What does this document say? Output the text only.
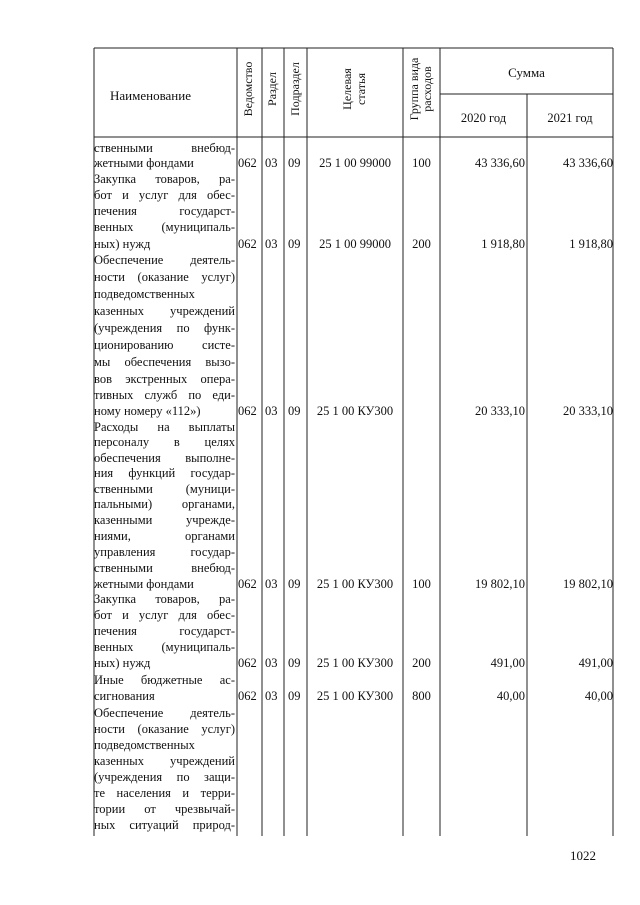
Наименование	Ведомство Раздел Подраздел	Целевая статья	Группа вида расходов	Сумма
2020 год	2021 год
ственными внебюд-
жетными фондами	062 03 09	25 1 00 99000	100	43 336,60	43 336,60
Закупка товаров, ра-
бот и услуг для обес-
печения государст-
венных (муниципаль-
ных) нужд	062 03 09	25 1 00 99000	200	1 918,80	1 918,80
Обеспечение деятель-
ности (оказание услуг)
подведомственных
казенных учреждений
(учреждения по функ-
ционированию систе-
мы обеспечения вызо-
вов экстренных опера-
тивных служб по еди-
ному номеру «112»)	062 03 09	25 1 00 КУ300	20 333,10	20 333,10
Расходы на выплаты
персоналу в целях
обеспечения выполне-
ния функций государ-
ственными (муници-
пальными) органами,
казенными учрежде-
ниями, органами
управления государ-
ственными внебюд-
жетными фондами	062 03 09	25 1 00 КУ300	100	19 802,10	19 802,10
Закупка товаров, ра-
бот и услуг для обес-
печения государст-
венных (муниципаль-
ных) нужд	062 03 09	25 1 00 КУ300	200	491,00	491,00
Иные бюджетные ас-
сигнования	062 03 09	25 1 00 КУ300	800	40,00	40,00
Обеспечение деятель-
ности (оказание услуг)
подведомственных
казенных учреждений
(учреждения по защи-
те населения и терри-
тории от чрезвычай-
ных ситуаций природ-
1022
